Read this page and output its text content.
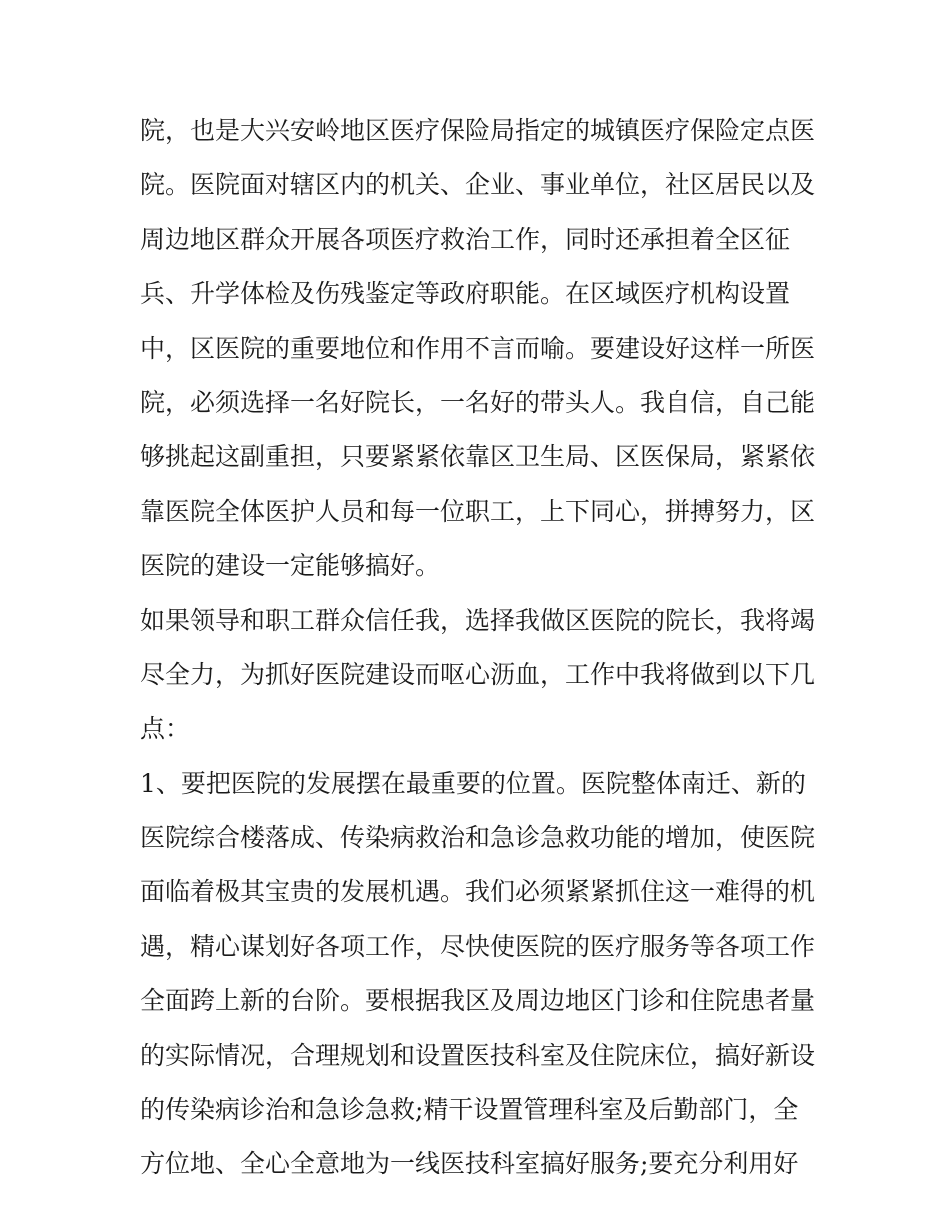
院，也是大兴安岭地区医疗保险局指定的城镇医疗保险定点医
院。医院面对辖区内的机关、企业、事业单位，社区居民以及
周边地区群众开展各项医疗救治工作，同时还承担着全区征
兵、升学体检及伤残鉴定等政府职能。在区域医疗机构设置
中，区医院的重要地位和作用不言而喻。要建设好这样一所医
院，必须选择一名好院长，一名好的带头人。我自信，自己能
够挑起这副重担，只要紧紧依靠区卫生局、区医保局，紧紧依
靠医院全体医护人员和每一位职工，上下同心，拼搏努力，区
医院的建设一定能够搞好。
如果领导和职工群众信任我，选择我做区医院的院长，我将竭
尽全力，为抓好医院建设而呕心沥血，工作中我将做到以下几
点：
1、要把医院的发展摆在最重要的位置。医院整体南迁、新的
医院综合楼落成、传染病救治和急诊急救功能的增加，使医院
面临着极其宝贵的发展机遇。我们必须紧紧抓住这一难得的机
遇，精心谋划好各项工作，尽快使医院的医疗服务等各项工作
全面跨上新的台阶。要根据我区及周边地区门诊和住院患者量
的实际情况，合理规划和设置医技科室及住院床位，搞好新设
的传染病诊治和急诊急救;精干设置管理科室及后勤部门，全
方位地、全心全意地为一线医技科室搞好服务;要充分利用好
